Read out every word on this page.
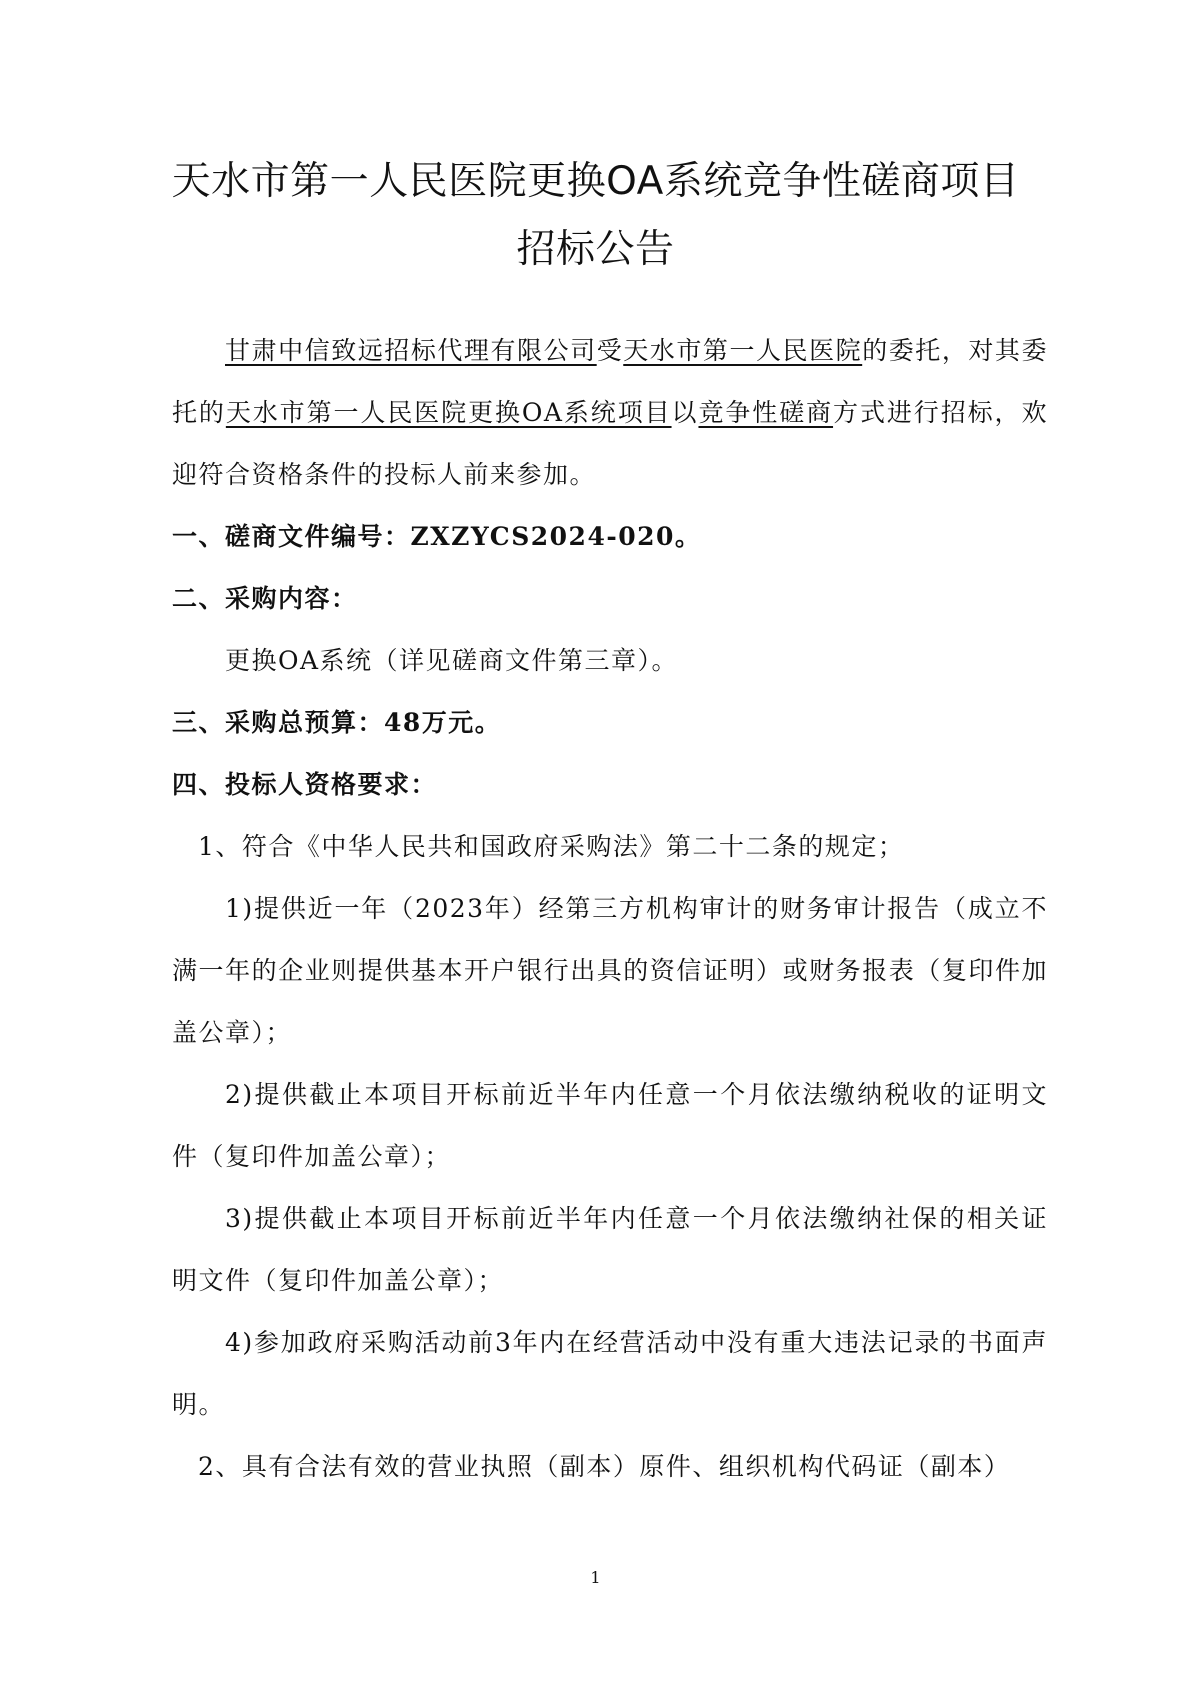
天水市第一人民医院更换OA系统竞争性磋商项目
招标公告

甘肃中信致远招标代理有限公司受天水市第一人民医院的委托，对其委托的天水市第一人民医院更换OA系统项目以竞争性磋商方式进行招标，欢迎符合资格条件的投标人前来参加。

一、磋商文件编号：ZXZYCS2024-020。

二、采购内容：

更换OA系统（详见磋商文件第三章）。

三、采购总预算：48万元。

四、投标人资格要求：

1、符合《中华人民共和国政府采购法》第二十二条的规定；

1)提供近一年（2023年）经第三方机构审计的财务审计报告（成立不满一年的企业则提供基本开户银行出具的资信证明）或财务报表（复印件加盖公章）；

2)提供截止本项目开标前近半年内任意一个月依法缴纳税收的证明文件（复印件加盖公章）；

3)提供截止本项目开标前近半年内任意一个月依法缴纳社保的相关证明文件（复印件加盖公章）；

4)参加政府采购活动前3年内在经营活动中没有重大违法记录的书面声明。

2、具有合法有效的营业执照（副本）原件、组织机构代码证（副本）

1
